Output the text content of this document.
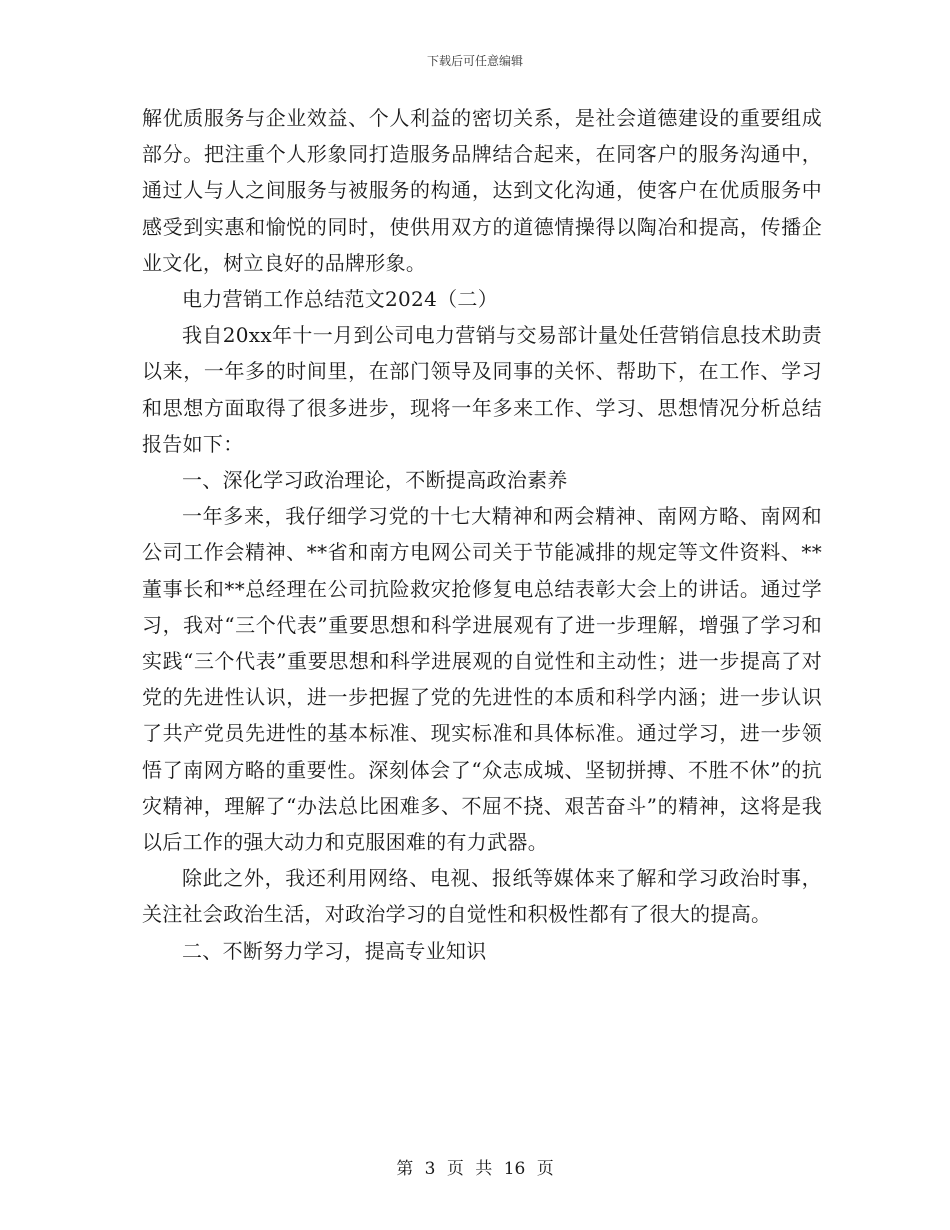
下载后可任意编辑

解优质服务与企业效益、个人利益的密切关系，是社会道德建设的重要组成部分。把注重个人形象同打造服务品牌结合起来，在同客户的服务沟通中，通过人与人之间服务与被服务的构通，达到文化沟通，使客户在优质服务中感受到实惠和愉悦的同时，使供用双方的道德情操得以陶冶和提高，传播企业文化，树立良好的品牌形象。

电力营销工作总结范文2024（二）

我自20xx年十一月到公司电力营销与交易部计量处任营销信息技术助责以来，一年多的时间里，在部门领导及同事的关怀、帮助下，在工作、学习和思想方面取得了很多进步，现将一年多来工作、学习、思想情况分析总结报告如下：

一、深化学习政治理论，不断提高政治素养

一年多来，我仔细学习党的十七大精神和两会精神、南网方略、南网和公司工作会精神、**省和南方电网公司关于节能减排的规定等文件资料、**董事长和**总经理在公司抗险救灾抢修复电总结表彰大会上的讲话。通过学习，我对“三个代表”重要思想和科学进展观有了进一步理解，增强了学习和实践“三个代表”重要思想和科学进展观的自觉性和主动性；进一步提高了对党的先进性认识，进一步把握了党的先进性的本质和科学内涵；进一步认识了共产党员先进性的基本标准、现实标准和具体标准。通过学习，进一步领悟了南网方略的重要性。深刻体会了“众志成城、坚韧拼搏、不胜不休”的抗灾精神，理解了“办法总比困难多、不屈不挠、艰苦奋斗”的精神，这将是我以后工作的强大动力和克服困难的有力武器。

除此之外，我还利用网络、电视、报纸等媒体来了解和学习政治时事，关注社会政治生活，对政治学习的自觉性和积极性都有了很大的提高。

二、不断努力学习，提高专业知识

第 3 页 共 16 页
